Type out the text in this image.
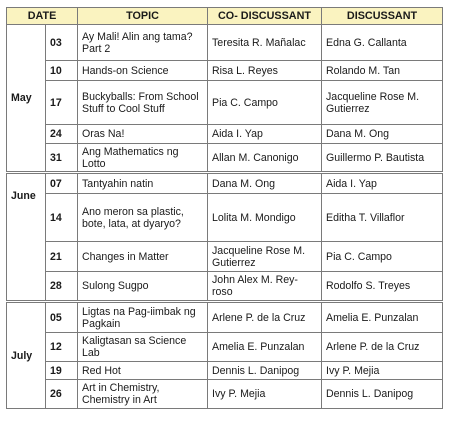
DATE		TOPIC	CO- DISCUSSANT	DISCUSSANT
May	03	Ay Mali! Alin ang tama? Part 2	Teresita R. Mañalac	Edna G. Callanta
	10	Hands-on Science	Risa L. Reyes	Rolando M. Tan
	17	Buckyballs: From School Stuff to Cool Stuff	Pia C. Campo	Jacqueline Rose M. Gutierrez
	24	Oras Na!	Aida I. Yap	Dana M. Ong
	31	Ang Mathematics ng Lotto	Allan M. Canonigo	Guillermo P. Bautista
June	07	Tantyahin natin	Dana M. Ong	Aida I. Yap
	14	Ano meron sa plastic, bote, lata, at dyaryo?	Lolita M. Mondigo	Editha T. Villaflor
	21	Changes in Matter	Jacqueline Rose M. Gutierrez	Pia C. Campo
	28	Sulong Sugpo	John Alex M. Rey-roso	Rodolfo S. Treyes
July	05	Ligtas na Pag-iimbak ng Pagkain	Arlene P. de la Cruz	Amelia E. Punzalan
	12	Kaligtasan sa Science Lab	Amelia E. Punzalan	Arlene P. de la Cruz
	19	Red Hot	Dennis L. Danipog	Ivy P. Mejia
	26	Art in Chemistry, Chemistry in Art	Ivy P. Mejia	Dennis L. Danipog
